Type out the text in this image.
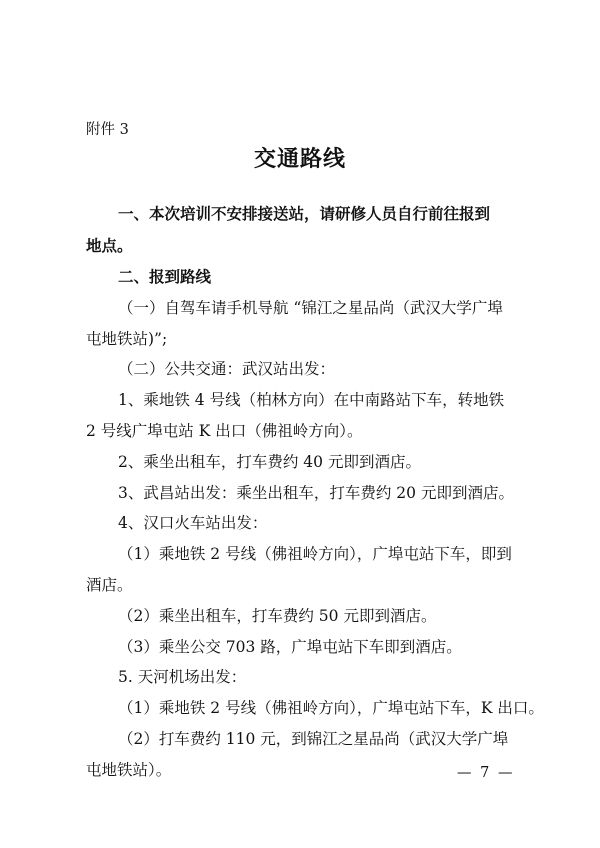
附件 3

交通路线

一、本次培训不安排接送站，请研修人员自行前往报到

地点。

二、报到路线

（一）自驾车请手机导航 “锦江之星品尚（武汉大学广埠

屯地铁站)”;

（二）公共交通：武汉站出发：

1、乘地铁 4 号线（柏林方向）在中南路站下车，转地铁

2 号线广埠屯站 K 出口（佛祖岭方向）。

2、乘坐出租车，打车费约 40 元即到酒店。

3、武昌站出发：乘坐出租车，打车费约 20 元即到酒店。

4、汉口火车站出发：

（1）乘地铁 2 号线（佛祖岭方向），广埠屯站下车，即到

酒店。

（2）乘坐出租车，打车费约 50 元即到酒店。

（3）乘坐公交 703 路，广埠屯站下车即到酒店。

5. 天河机场出发：

（1）乘地铁 2 号线（佛祖岭方向），广埠屯站下车，K 出口。

（2）打车费约 110 元，到锦江之星品尚（武汉大学广埠

屯地铁站）。	— 7 —
